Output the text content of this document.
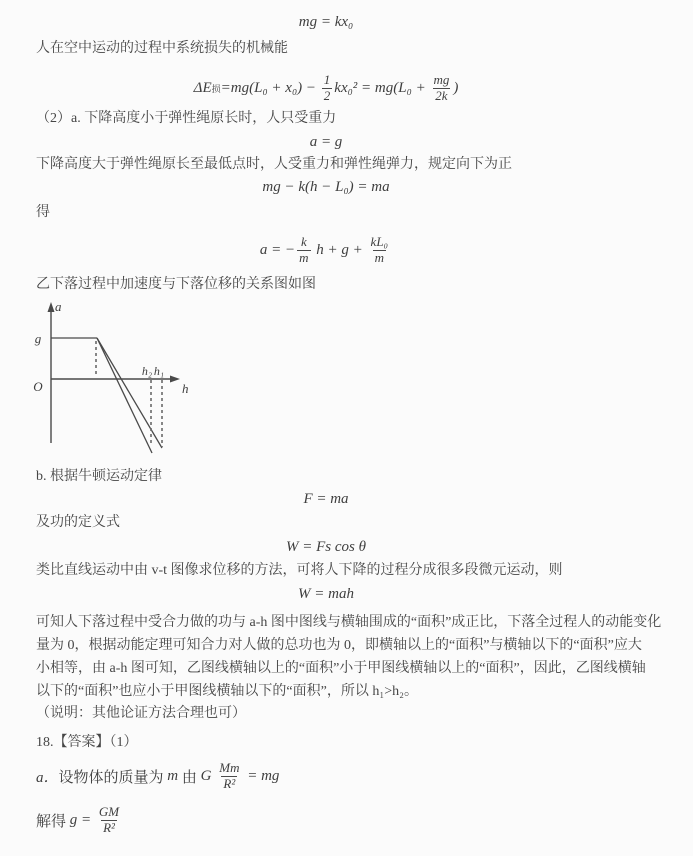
mg = kx₀
人在空中运动的过程中系统损失的机械能
ΔE 损 $=mg(L_0 + x_0) - \frac{1}{2} kx_0^2 = mg(L_0 + \frac{mg}{2k}$ )
（2）a. 下降高度小于弹性绳原长时，人只受重力
a = g
下降高度大于弹性绳原长至最低点时，人受重力和弹性绳弹力，规定向下为正
mg − k(h − L₀) = ma
得
a = − $\frac{k}{m}$ $h + g + \frac{\text{kL₀}}{m}$
乙下落过程中加速度与下落位移的关系图如图
a
g
O	h
h₂ h₁
b. 根据牛顿运动定律
F = ma
及功的定义式
W = Fs cos θ
类比直线运动中由 v-t 图像求位移的方法，可将人下降的过程分成很多段微元运动，则
W = mah
可知人下落过程中受合力做的功与 a-h 图中图线与横轴围成的“面积”成正比，下落全过程人的动能变化
量为 0，根据动能定理可知合力对人做的总功也为 0，即横轴以上的“面积”与横轴以下的“面积”应大
小相等，由 a-h 图可知，乙图线横轴以上的“面积”小于甲图线横轴以上的“面积”，因此，乙图线横轴
以下的“面积”也应小于甲图线横轴以下的“面积”，所以 h₁>h₂。
（说明：其他论证方法合理也可）
18.【答案】（1）
a． 设物体的质量为 m 由 G $\frac{Mm}{\text{R²}}$ = mg
解得 $g = \frac{GM}{\text{R²}}$
